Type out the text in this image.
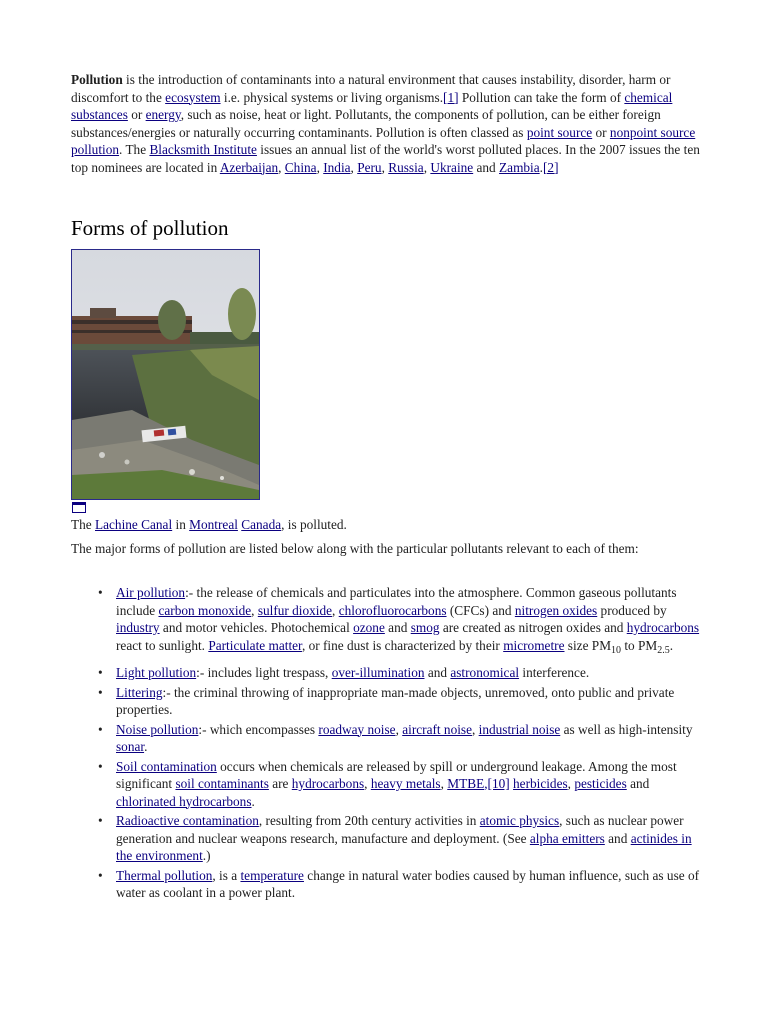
Pollution is the introduction of contaminants into a natural environment that causes instability, disorder, harm or discomfort to the ecosystem i.e. physical systems or living organisms.[1] Pollution can take the form of chemical substances or energy, such as noise, heat or light. Pollutants, the components of pollution, can be either foreign substances/energies or naturally occurring contaminants. Pollution is often classed as point source or nonpoint source pollution. The Blacksmith Institute issues an annual list of the world's worst polluted places. In the 2007 issues the ten top nominees are located in Azerbaijan, China, India, Peru, Russia, Ukraine and Zambia.[2]

Forms of pollution

The Lachine Canal in Montreal Canada, is polluted.

The major forms of pollution are listed below along with the particular pollutants relevant to each of them:

• Air pollution:- the release of chemicals and particulates into the atmosphere. Common gaseous pollutants include carbon monoxide, sulfur dioxide, chlorofluorocarbons (CFCs) and nitrogen oxides produced by industry and motor vehicles. Photochemical ozone and smog are created as nitrogen oxides and hydrocarbons react to sunlight. Particulate matter, or fine dust is characterized by their micrometre size $PM_{10}$ to $PM_{2.5}$.
• Light pollution:- includes light trespass, over-illumination and astronomical interference.
• Littering:- the criminal throwing of inappropriate man-made objects, unremoved, onto public and private properties.
• Noise pollution:- which encompasses roadway noise, aircraft noise, industrial noise as well as high-intensity sonar.
• Soil contamination occurs when chemicals are released by spill or underground leakage. Among the most significant soil contaminants are hydrocarbons, heavy metals, MTBE,[10] herbicides, pesticides and chlorinated hydrocarbons.
• Radioactive contamination, resulting from 20th century activities in atomic physics, such as nuclear power generation and nuclear weapons research, manufacture and deployment. (See alpha emitters and actinides in the environment.)
• Thermal pollution, is a temperature change in natural water bodies caused by human influence, such as use of water as coolant in a power plant.
